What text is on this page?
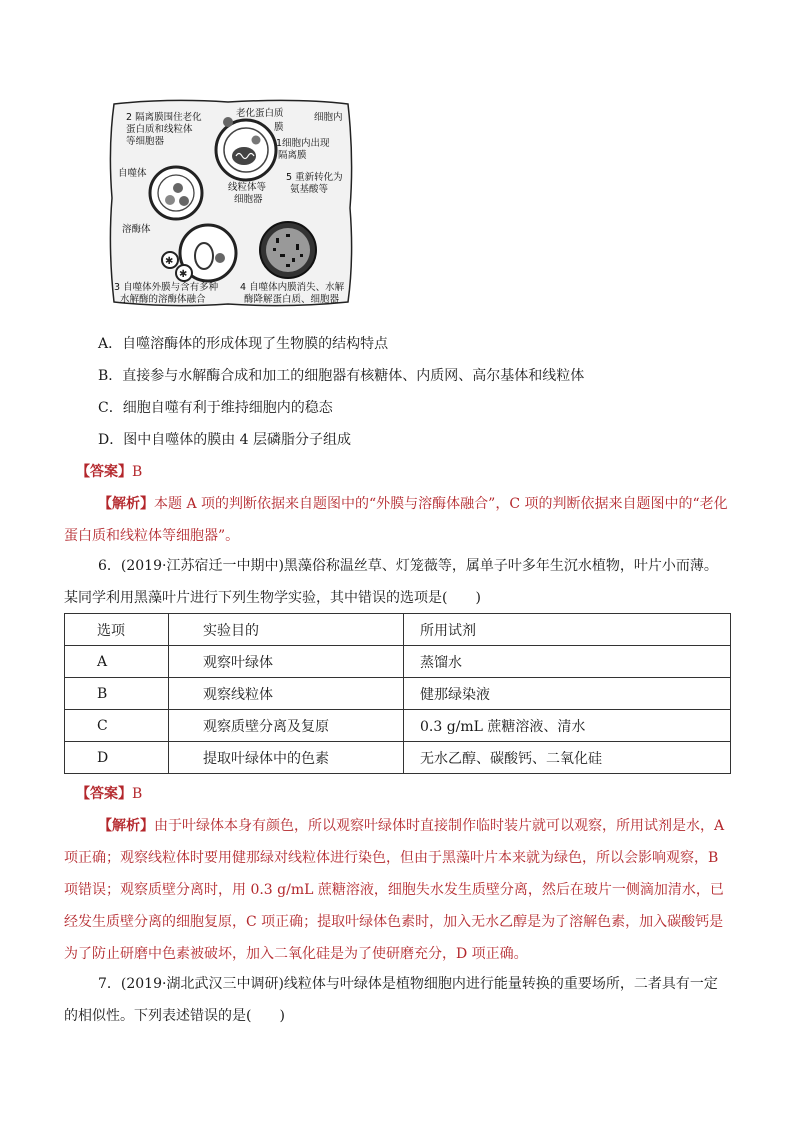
✱
✱
2 隔离膜围住老化
蛋白质和线粒体
等细胞器
老化蛋白质
膜
细胞内
1细胞内出现
隔离膜
自噬体
线粒体等
细胞器
5 重新转化为
氨基酸等
溶酶体
3 自噬体外膜与含有多种
水解酶的溶酶体融合
4 自噬体内膜消失、水解
酶降解蛋白质、细胞器
A．自噬溶酶体的形成体现了生物膜的结构特点
B．直接参与水解酶合成和加工的细胞器有核糖体、内质网、高尔基体和线粒体
C．细胞自噬有利于维持细胞内的稳态
D．图中自噬体的膜由 4 层磷脂分子组成
【答案】B
【解析】本题 A 项的判断依据来自题图中的“外膜与溶酶体融合”，C 项的判断依据来自题图中的“老化蛋白质和线粒体等细胞器”。
6．(2019·江苏宿迁一中期中)黑藻俗称温丝草、灯笼薇等，属单子叶多年生沉水植物，叶片小而薄。某同学利用黑藻叶片进行下列生物学实验，其中错误的选项是(　　)
选项	实验目的	所用试剂
A	观察叶绿体	蒸馏水
B	观察线粒体	健那绿染液
C	观察质壁分离及复原	0.3 g/mL 蔗糖溶液、清水
D	提取叶绿体中的色素	无水乙醇、碳酸钙、二氧化硅
【答案】B
【解析】由于叶绿体本身有颜色，所以观察叶绿体时直接制作临时装片就可以观察，所用试剂是水，A 项正确；观察线粒体时要用健那绿对线粒体进行染色，但由于黑藻叶片本来就为绿色，所以会影响观察，B 项错误；观察质壁分离时，用 0.3 g/mL 蔗糖溶液，细胞失水发生质壁分离，然后在玻片一侧滴加清水，已经发生质壁分离的细胞复原，C 项正确；提取叶绿体色素时，加入无水乙醇是为了溶解色素，加入碳酸钙是为了防止研磨中色素被破坏，加入二氧化硅是为了使研磨充分，D 项正确。
7．(2019·湖北武汉三中调研)线粒体与叶绿体是植物细胞内进行能量转换的重要场所，二者具有一定的相似性。下列表述错误的是(　　)
